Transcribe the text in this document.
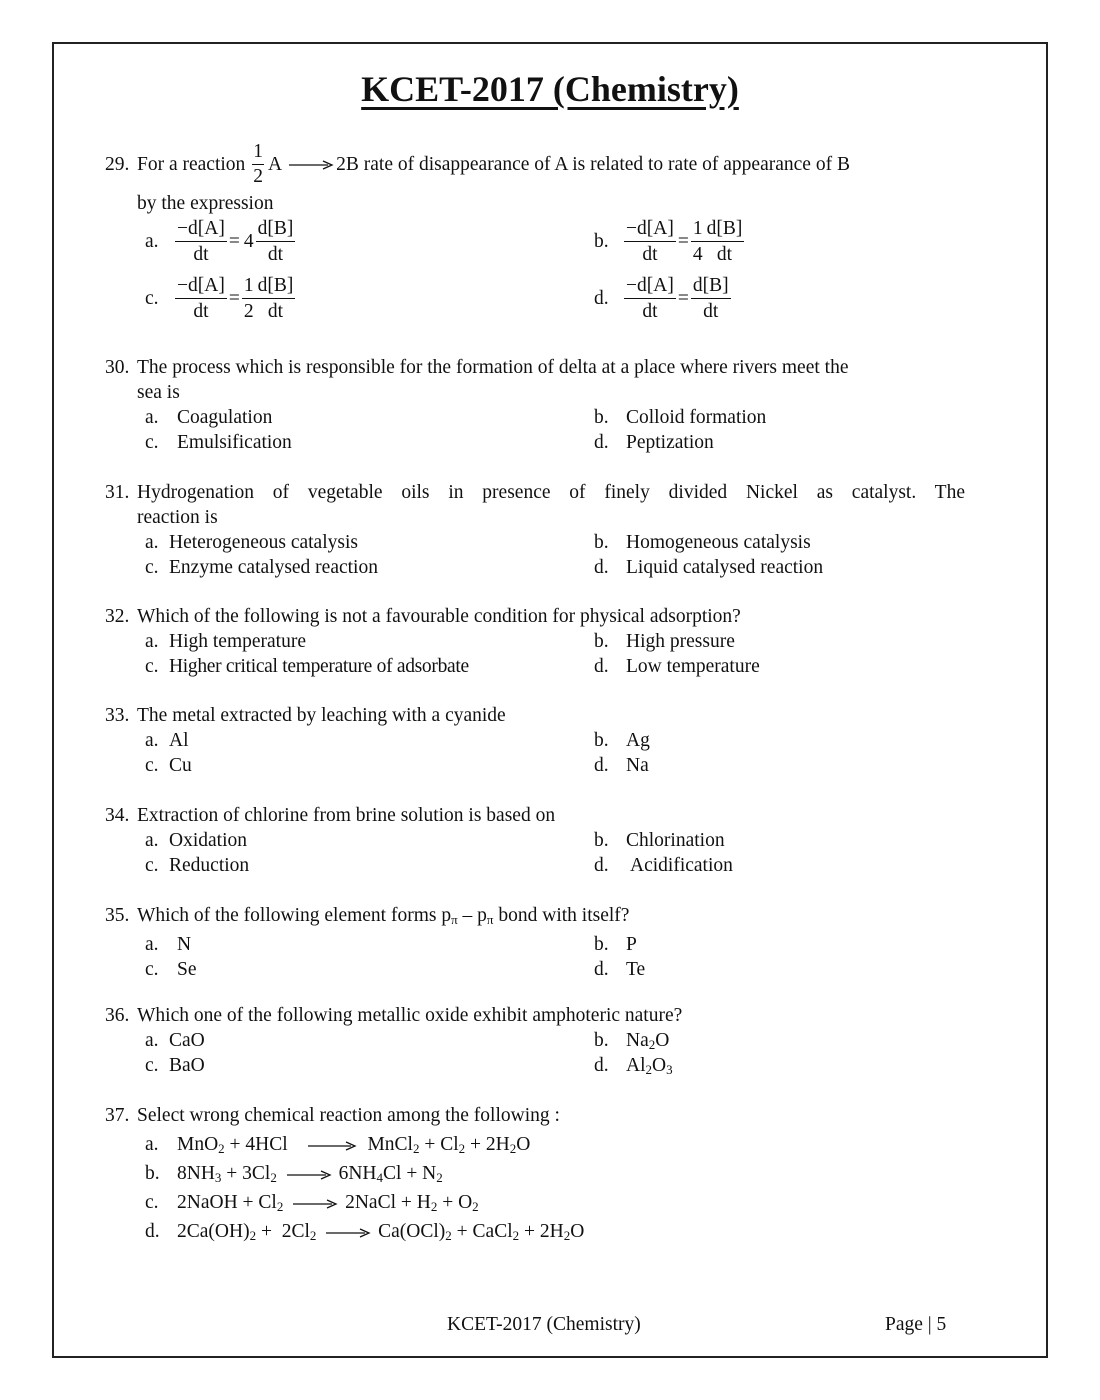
KCET-2017 (Chemistry)
29. For a reaction $\frac{1}{2}$ A → 2B rate of disappearance of A is related to rate of appearance of B
by the expression
a. $\frac{-d[A]}{dt} = 4 \frac{d[B]}{dt}$	b. $\frac{-d[A]}{dt} = \frac{1}{4} \frac{d[B]}{dt}$
c. $\frac{-d[A]}{dt} = \frac{1}{2} \frac{d[B]}{dt}$	d. $\frac{-d[A]}{dt} = \frac{d[B]}{dt}$
30. The process which is responsible for the formation of delta at a place where rivers meet the
sea is
a. Coagulation	b. Colloid formation
c. Emulsification	d. Peptization
31. Hydrogenation of vegetable oils in presence of finely divided Nickel as catalyst. The
reaction is
a. Heterogeneous catalysis	b. Homogeneous catalysis
c. Enzyme catalysed reaction	d. Liquid catalysed reaction
32. Which of the following is not a favourable condition for physical adsorption?
a. High temperature	b. High pressure
c. Higher critical temperature of adsorbate	d. Low temperature
33. The metal extracted by leaching with a cyanide
a. Al	b. Ag
c. Cu	d. Na
34. Extraction of chlorine from brine solution is based on
a. Oxidation	b. Chlorination
c. Reduction	d. Acidification
35. Which of the following element forms pπ – pπ bond with itself?
a. N	b. P
c. Se	d. Te
36. Which one of the following metallic oxide exhibit amphoteric nature?
a. CaO	b. $Na_2O$
c. BaO	d. $Al_2O_3$
37. Select wrong chemical reaction among the following :
a. MnO$_2$ + 4HCl → MnCl$_2$ + $Cl_2 + 2H_2O$
b. $8NH_3 + 3Cl_2 \to 6NH_4Cl + N_2$
c. 2NaOH + $Cl_2$ → 2NaCl + $H_2 + O_2$
d. $2Ca(OH)_2 + 2Cl_2 \to Ca(OCl)_2$ + CaCl$_2$ + $2H_2O$
KCET-2017 (Chemistry)	Page | 5
